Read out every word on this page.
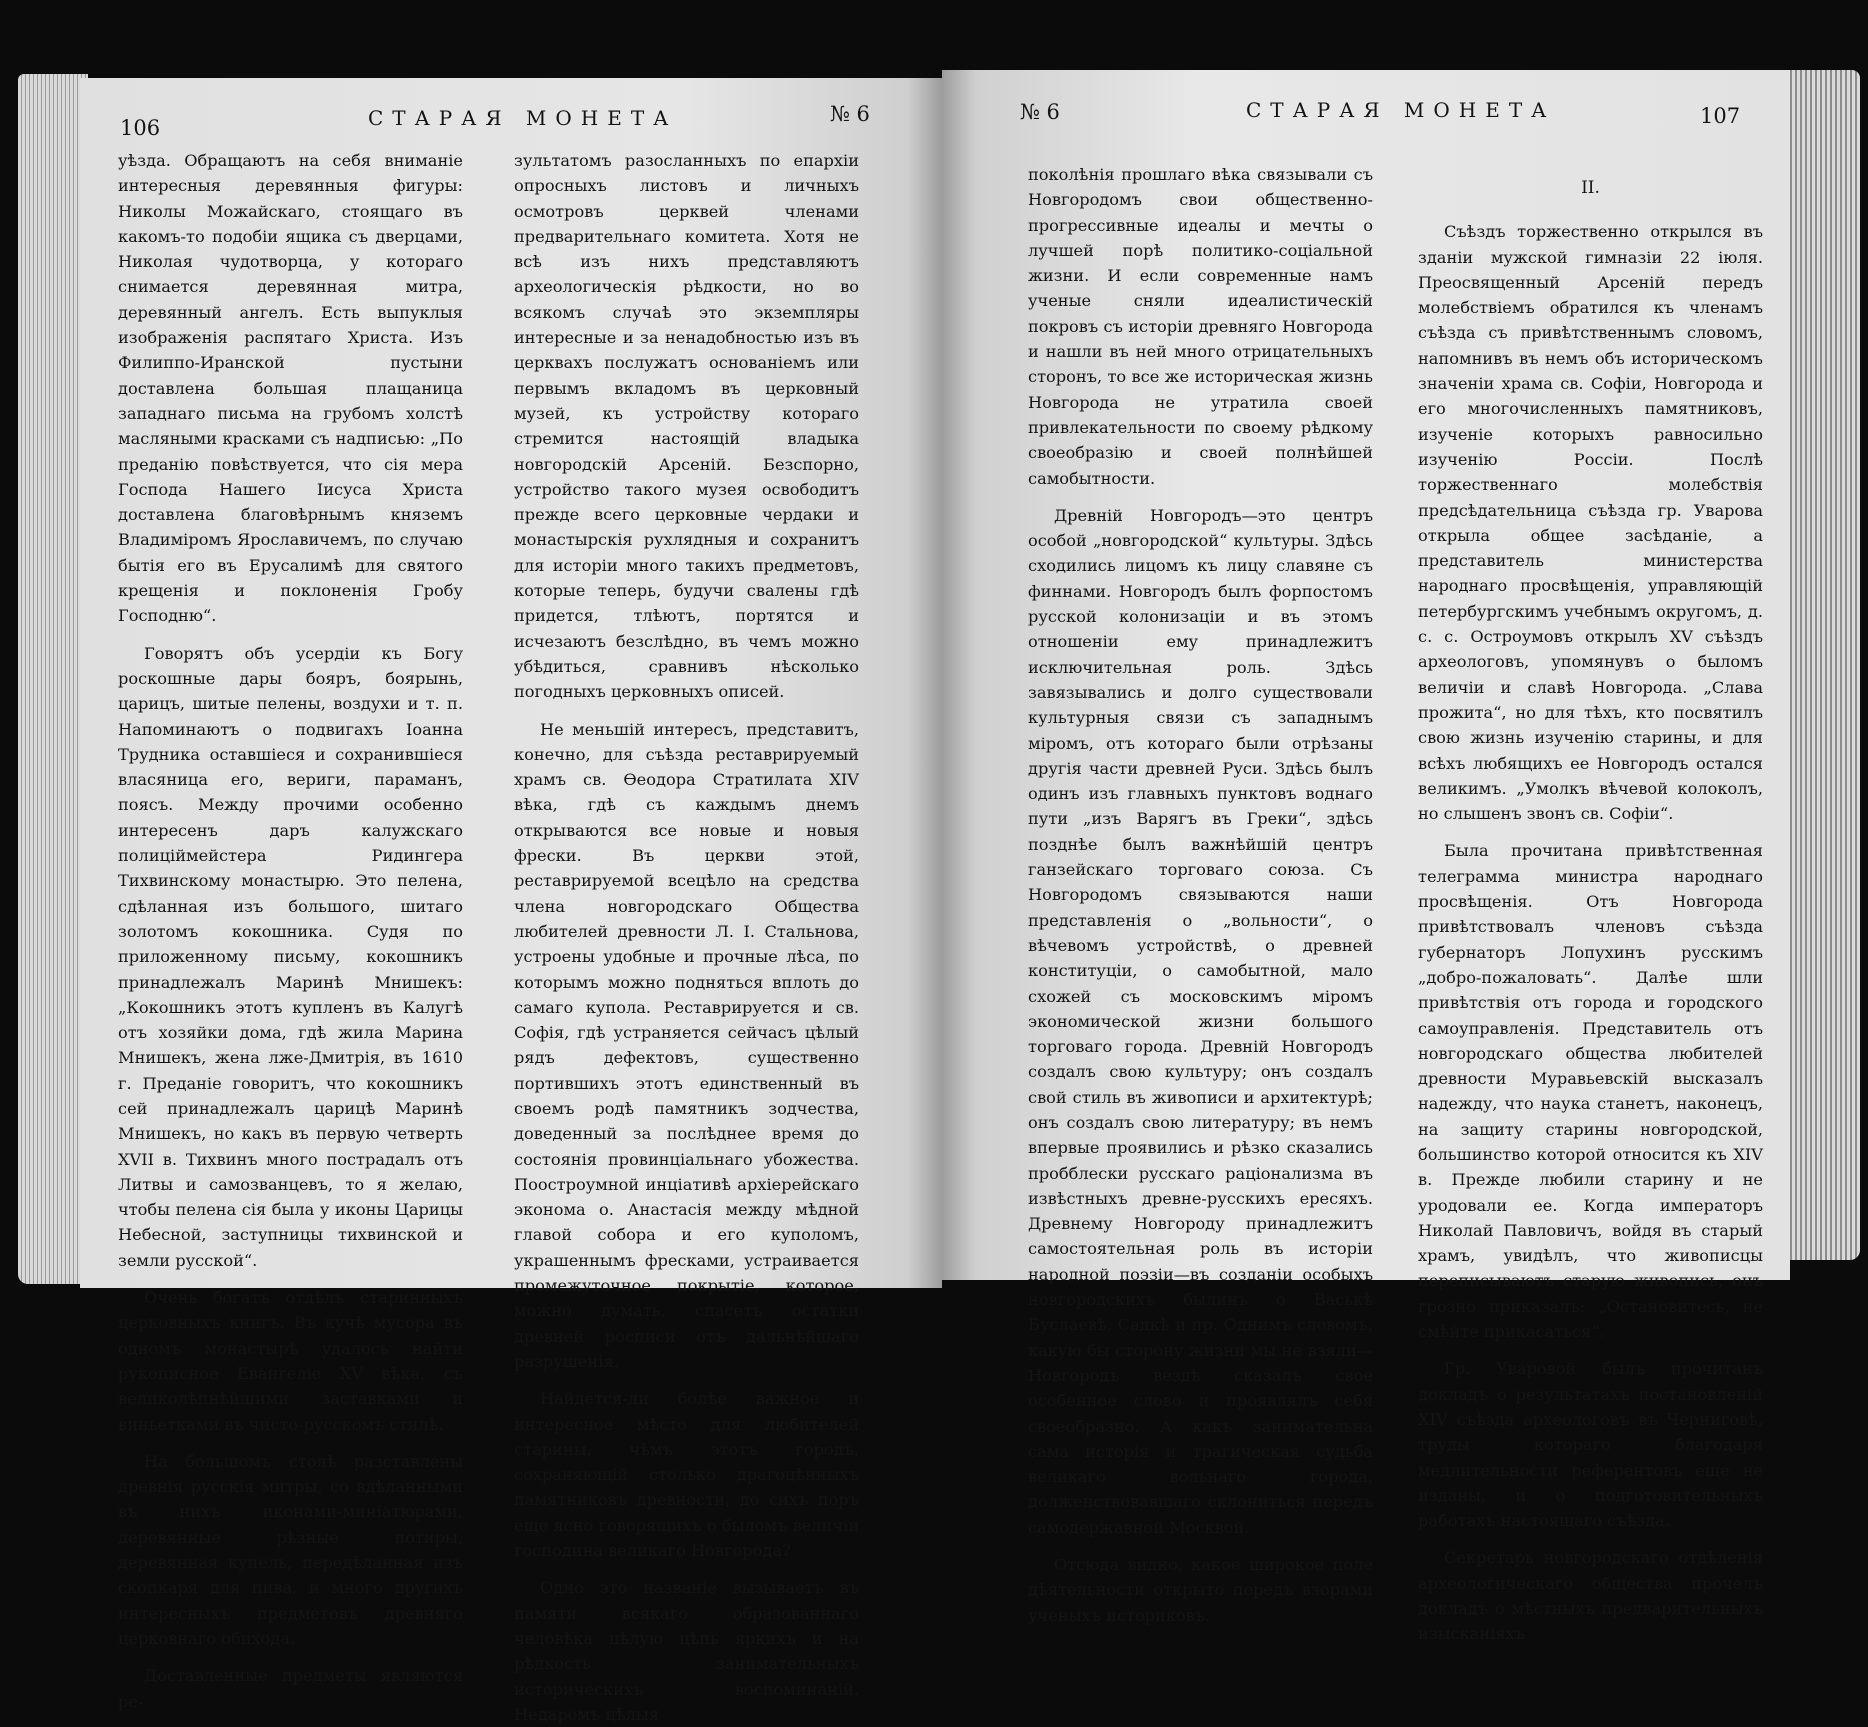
106	СТАРАЯ МОНЕТА	№ 6

уѣзда. Обращаютъ на себя вниманіе интересныя деревянныя фигуры: Николы Можайскаго, стоящаго въ какомъ-то подобіи ящика съ дверцами, Николая чудотворца, у котораго снимается деревянная митра, деревянный ангелъ. Есть выпуклыя изображенія распятаго Христа. Изъ Филиппо-Иранской пустыни доставлена большая плащаница западнаго письма на грубомъ холстѣ масляными красками съ надписью: „По преданію повѣствуется, что сія мера Господа Нашего Іисуса Христа доставлена благовѣрнымъ княземъ Владиміромъ Ярославичемъ, по случаю бытія его въ Ерусалимѣ для святого крещенія и поклоненія Гробу Господню“.

Говорятъ объ усердіи къ Богу роскошные дары бояръ, боярынь, царицъ, шитые пелены, воздухи и т. п. Напоминаютъ о подвигахъ Іоанна Трудника оставшіеся и сохранившіеся власяница его, вериги, параманъ, поясъ. Между прочими особенно интересенъ даръ калужскаго полиціймейстера Ридингера Тихвинскому монастырю. Это пелена, сдѣланная изъ большого, шитаго золотомъ кокошника. Судя по приложенному письму, кокошникъ принадлежалъ Маринѣ Мнишекъ: „Кокошникъ этотъ купленъ въ Калугѣ отъ хозяйки дома, гдѣ жила Марина Мнишекъ, жена лже-Дмитрія, въ 1610 г. Преданіе говоритъ, что кокошникъ сей принадлежалъ царицѣ Маринѣ Мнишекъ, но какъ въ первую четверть XVII в. Тихвинъ много пострадалъ отъ Литвы и самозванцевъ, то я желаю, чтобы пелена сія была у иконы Царицы Небесной, заступницы тихвинской и земли русской“.

Очень богатъ отдѣлъ старинныхъ церковныхъ книгъ. Въ кучѣ мусора въ одномъ монастырѣ удалось найти рукописное Евангеліе XV вѣка, съ великолѣпнѣйшими заставками и виньетками въ чисто-русскомъ стилѣ.

На большомъ столѣ разставлены древнія русскія митры, со вдѣланными въ нихъ иконами-миніатюрами, деревянные рѣзные потиры, деревянная купель, передѣланная изъ скопкаря для пива, и много другихъ интересныхъ предметовъ древняго церковнаго обихода.

Доставленные предметы являются ре-

зультатомъ разосланныхъ по епархіи опросныхъ листовъ и личныхъ осмотровъ церквей членами предварительнаго комитета. Хотя не всѣ изъ нихъ представляютъ археологическія рѣдкости, но во всякомъ случаѣ это экземпляры интересные и за ненадобностью изъ въ церквахъ послужатъ основаніемъ или первымъ вкладомъ въ церковный музей, къ устройству котораго стремится настоящій владыка новгородскій Арсеній. Безспорно, устройство такого музея освободитъ прежде всего церковные чердаки и монастырскія рухлядныя и сохранитъ для исторіи много такихъ предметовъ, которые теперь, будучи свалены гдѣ придется, тлѣютъ, портятся и исчезаютъ безслѣдно, въ чемъ можно убѣдиться, сравнивъ нѣсколько погодныхъ церковныхъ описей.

Не меньшій интересъ, представитъ, конечно, для съѣзда реставрируемый храмъ св. Ѳеодора Стратилата XIV вѣка, гдѣ съ каждымъ днемъ открываются все новые и новыя фрески. Въ церкви этой, реставрируемой всецѣло на средства члена новгородскаго Общества любителей древности Л. І. Стальнова, устроены удобные и прочные лѣса, по которымъ можно подняться вплоть до самаго купола. Реставрируется и св. Софія, гдѣ устраняется сейчасъ цѣлый рядъ дефектовъ, существенно портившихъ этотъ единственный въ своемъ родѣ памятникъ зодчества, доведенный за послѣднее время до состоянія провинціальнаго убожества. Поостроумной инціативѣ архіерейскаго эконома о. Анастасія между мѣдной главой собора и его куполомъ, украшеннымъ фресками, устраивается промежуточное покрытіе, которое, можно думать, спасетъ остатки древней росписи отъ дальнѣйшаго разрушенія.

Найдется-ли болѣе важное и интересное мѣсто для любителей старины, чѣмъ этотъ городъ, сохраняющій столько драгоцѣнныхъ памятниковъ древности, до сихъ поръ еще ясно говорящихъ о быломъ величіи господина великаго Новгорода?

Одно это названіе вызываетъ въ памяти всякаго образованнаго человѣка цѣлую цѣпь яркихъ и на рѣдкость занимательныхъ историческихъ воспоминаній. Недаромъ цѣлыя

№ 6	СТАРАЯ МОНЕТА	107

поколѣнія прошлаго вѣка связывали съ Новгородомъ свои общественно-прогрессивные идеалы и мечты о лучшей порѣ политико-соціальной жизни. И если современные намъ ученые сняли идеалистическій покровъ съ исторіи древняго Новгорода и нашли въ ней много отрицательныхъ сторонъ, то все же историческая жизнь Новгорода не утратила своей привлекательности по своему рѣдкому своеобразію и своей полнѣйшей самобытности.

Древній Новгородъ—это центръ особой „новгородской“ культуры. Здѣсь сходились лицомъ къ лицу славяне съ финнами. Новгородъ былъ форпостомъ русской колонизаціи и въ этомъ отношеніи ему принадлежитъ исключительная роль. Здѣсь завязывались и долго существовали культурныя связи съ западнымъ міромъ, отъ котораго были отрѣзаны другія части древней Руси. Здѣсь былъ одинъ изъ главныхъ пунктовъ воднаго пути „изъ Варягъ въ Греки“, здѣсь позднѣе былъ важнѣйшій центръ ганзейскаго торговаго союза. Съ Новгородомъ связываются наши представленія о „вольности“, о вѣчевомъ устройствѣ, о древней конституціи, о самобытной, мало схожей съ московскимъ міромъ экономической жизни большого торговаго города. Древній Новгородъ создалъ свою культуру; онъ создалъ свой стиль въ живописи и архитектурѣ; онъ создалъ свою литературу; въ немъ впервые проявились и рѣзко сказались пробблески русскаго раціонализма въ извѣстныхъ древне-русскихъ ересяхъ. Древнему Новгороду принадлежитъ самостоятельная роль въ исторіи народной поэзіи—въ созданіи особыхъ новгородскихъ былинъ о Васькѣ Буслаевѣ, Садкѣ и пр. Однимъ словомъ, какую бы сторону жизни мы не взяли—Новгородъ вездѣ сказалъ свое особенное слово и проявлялъ себя своеобразно. А какъ занимательна сама исторія и трагическая судьба великаго вольнаго города, долженствовавшаго склониться передъ самодержавной Москвой.

Отсюда видно, какое широкое поле дѣятельности открыто передъ взорами ученыхъ историковъ.

II.

Съѣздъ торжественно открылся въ зданіи мужской гимназіи 22 іюля. Преосвященный Арсеній передъ молебствіемъ обратился къ членамъ съѣзда съ привѣтственнымъ словомъ, напомнивъ въ немъ объ историческомъ значеніи храма св. Софіи, Новгорода и его многочисленныхъ памятниковъ, изученіе которыхъ равносильно изученію Россіи. Послѣ торжественнаго молебствія предсѣдательница съѣзда гр. Уварова открыла общее засѣданіе, а представитель министерства народнаго просвѣщенія, управляющій петербургскимъ учебнымъ округомъ, д. с. с. Остроумовъ открылъ XV съѣздъ археологовъ, упомянувъ о быломъ величіи и славѣ Новгорода. „Слава прожита“, но для тѣхъ, кто посвятилъ свою жизнь изученію старины, и для всѣхъ любящихъ ее Новгородъ остался великимъ. „Умолкъ вѣчевой колоколъ, но слышенъ звонъ св. Софіи“.

Была прочитана привѣтственная телеграмма министра народнаго просвѣщенія. Отъ Новгорода привѣтствовалъ членовъ съѣзда губернаторъ Лопухинъ русскимъ „добро-пожаловать“. Далѣе шли привѣтствія отъ города и городского самоуправленія. Представитель отъ новгородскаго общества любителей древности Муравьевскій высказалъ надежду, что наука станетъ, наконецъ, на защиту старины новгородской, большинство которой относится къ XIV в. Прежде любили старину и не уродовали ее. Когда императоръ Николай Павловичъ, войдя въ старый храмъ, увидѣлъ, что живописцы переписываютъ старую живопись, онъ грозно приказалъ: „Остановитесь, не смѣйте прикасаться“.

Гр. Уваровой былъ прочитанъ докладъ о результатахъ постановленій XIV съѣзда археологовъ въ Черниговѣ, труды котораго благодаря медлительности референтовъ еще не изданы, и о подготовительныхъ работахъ настоящаго съѣзда.

Секретарь новгородскаго отдѣленія археологическаго общества прочелъ докладъ о мѣстныхъ предварительныхъ изысканіяхъ
